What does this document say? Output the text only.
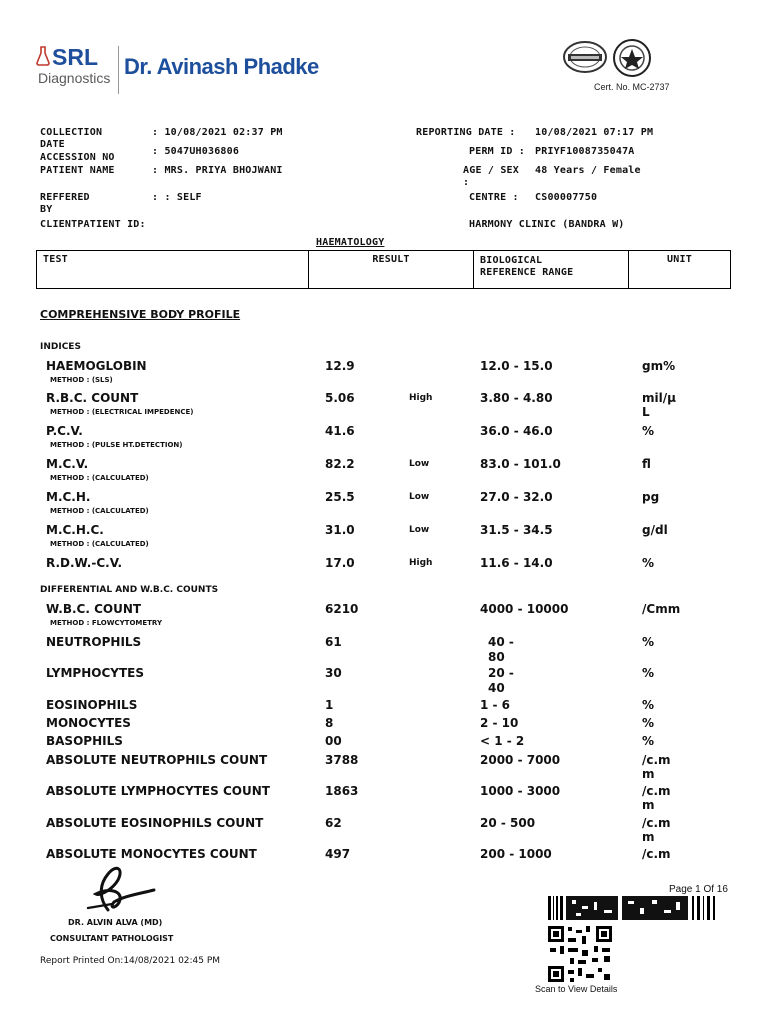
SRL
Diagnostics Dr. Avinash Phadke
Cert. No. MC-2737
COLLECTION
DATE
: 10/08/2021 02:37 PM
ACCESSION NO
: 5047UH036806
PATIENT NAME	: MRS. PRIYA BHOJWANI
REFFERED
BY
: : SELF
CLIENTPATIENT ID:
REPORTING DATE : 10/08/2021 07:17 PM
PERM ID : PRIYF1008735047A
AGE / SEX
:
48 Years / Female
CENTRE : CS00007750
HARMONY CLINIC (BANDRA W)
HAEMATOLOGY
TEST	RESULT	BIOLOGICAL
REFERENCE RANGE	UNIT
COMPREHENSIVE BODY PROFILE
INDICES
DIFFERENTIAL AND W.B.C. COUNTS
HAEMOGLOBIN
METHOD : (SLS)
12.9	12.0 - 15.0	gm%
R.B.C. COUNT
METHOD : (ELECTRICAL IMPEDENCE)
5.06	High	3.80 - 4.80	mil/µ
L
P.C.V.
METHOD : (PULSE HT.DETECTION)
41.6	36.0 - 46.0	%
M.C.V.
METHOD : (CALCULATED)
82.2	Low	83.0 - 101.0	fl
M.C.H.
METHOD : (CALCULATED)
25.5	Low	27.0 - 32.0	pg
M.C.H.C.
METHOD : (CALCULATED)
31.0	Low	31.5 - 34.5	g/dl
R.D.W.-C.V.	17.0	High	11.6 - 14.0	%
W.B.C. COUNT
METHOD : FLOWCYTOMETRY
6210	4000 - 10000	/Cmm
NEUTROPHILS	61	40 -
80
%
LYMPHOCYTES	30	20 -
40
%
EOSINOPHILS	1	1 - 6	%
MONOCYTES	8	2 - 10	%
BASOPHILS	00	< 1 - 2	%
ABSOLUTE NEUTROPHILS COUNT	3788	2000 - 7000	/c.m
m
ABSOLUTE LYMPHOCYTES COUNT	1863	1000 - 3000	/c.m
m
ABSOLUTE EOSINOPHILS COUNT	62	20 - 500	/c.m
m
ABSOLUTE MONOCYTES COUNT	497	200 - 1000	/c.m
DR. ALVIN ALVA (MD)
CONSULTANT PATHOLOGIST
Report Printed On:14/08/2021 02:45 PM
Page 1 Of 16
Scan to View Details
